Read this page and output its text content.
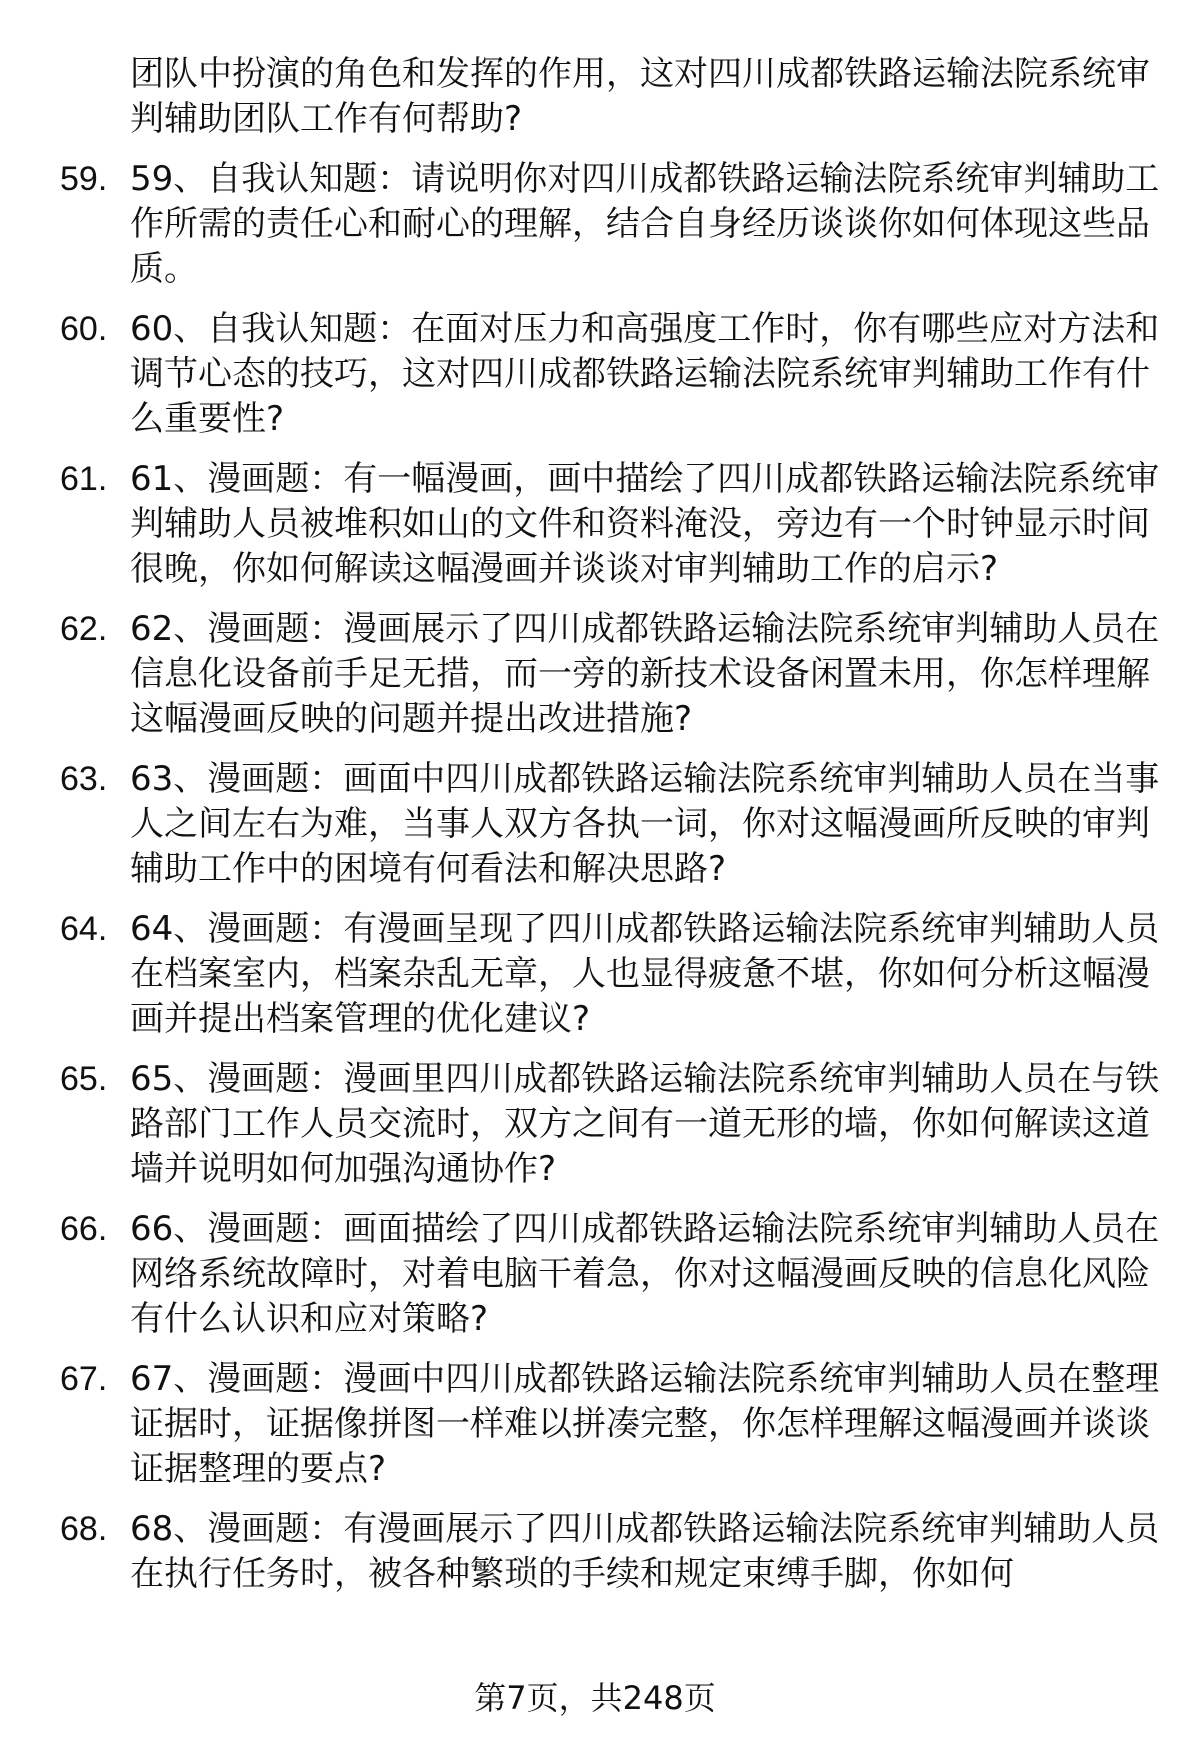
团队中扮演的角色和发挥的作用，这对四川成都铁路运输法院系统审判辅助团队工作有何帮助?
59. 59、自我认知题：请说明你对四川成都铁路运输法院系统审判辅助工作所需的责任心和耐心的理解，结合自身经历谈谈你如何体现这些品质。
60. 60、自我认知题：在面对压力和高强度工作时，你有哪些应对方法和调节心态的技巧，这对四川成都铁路运输法院系统审判辅助工作有什么重要性?
61. 61、漫画题：有一幅漫画，画中描绘了四川成都铁路运输法院系统审判辅助人员被堆积如山的文件和资料淹没，旁边有一个时钟显示时间很晚，你如何解读这幅漫画并谈谈对审判辅助工作的启示?
62. 62、漫画题：漫画展示了四川成都铁路运输法院系统审判辅助人员在信息化设备前手足无措，而一旁的新技术设备闲置未用，你怎样理解这幅漫画反映的问题并提出改进措施?
63. 63、漫画题：画面中四川成都铁路运输法院系统审判辅助人员在当事人之间左右为难，当事人双方各执一词，你对这幅漫画所反映的审判辅助工作中的困境有何看法和解决思路?
64. 64、漫画题：有漫画呈现了四川成都铁路运输法院系统审判辅助人员在档案室内，档案杂乱无章，人也显得疲惫不堪，你如何分析这幅漫画并提出档案管理的优化建议?
65. 65、漫画题：漫画里四川成都铁路运输法院系统审判辅助人员在与铁路部门工作人员交流时，双方之间有一道无形的墙，你如何解读这道墙并说明如何加强沟通协作?
66. 66、漫画题：画面描绘了四川成都铁路运输法院系统审判辅助人员在网络系统故障时，对着电脑干着急，你对这幅漫画反映的信息化风险有什么认识和应对策略?
67. 67、漫画题：漫画中四川成都铁路运输法院系统审判辅助人员在整理证据时，证据像拼图一样难以拼凑完整，你怎样理解这幅漫画并谈谈证据整理的要点?
68. 68、漫画题：有漫画展示了四川成都铁路运输法院系统审判辅助人员在执行任务时，被各种繁琐的手续和规定束缚手脚，你如何
第7页，共248页
